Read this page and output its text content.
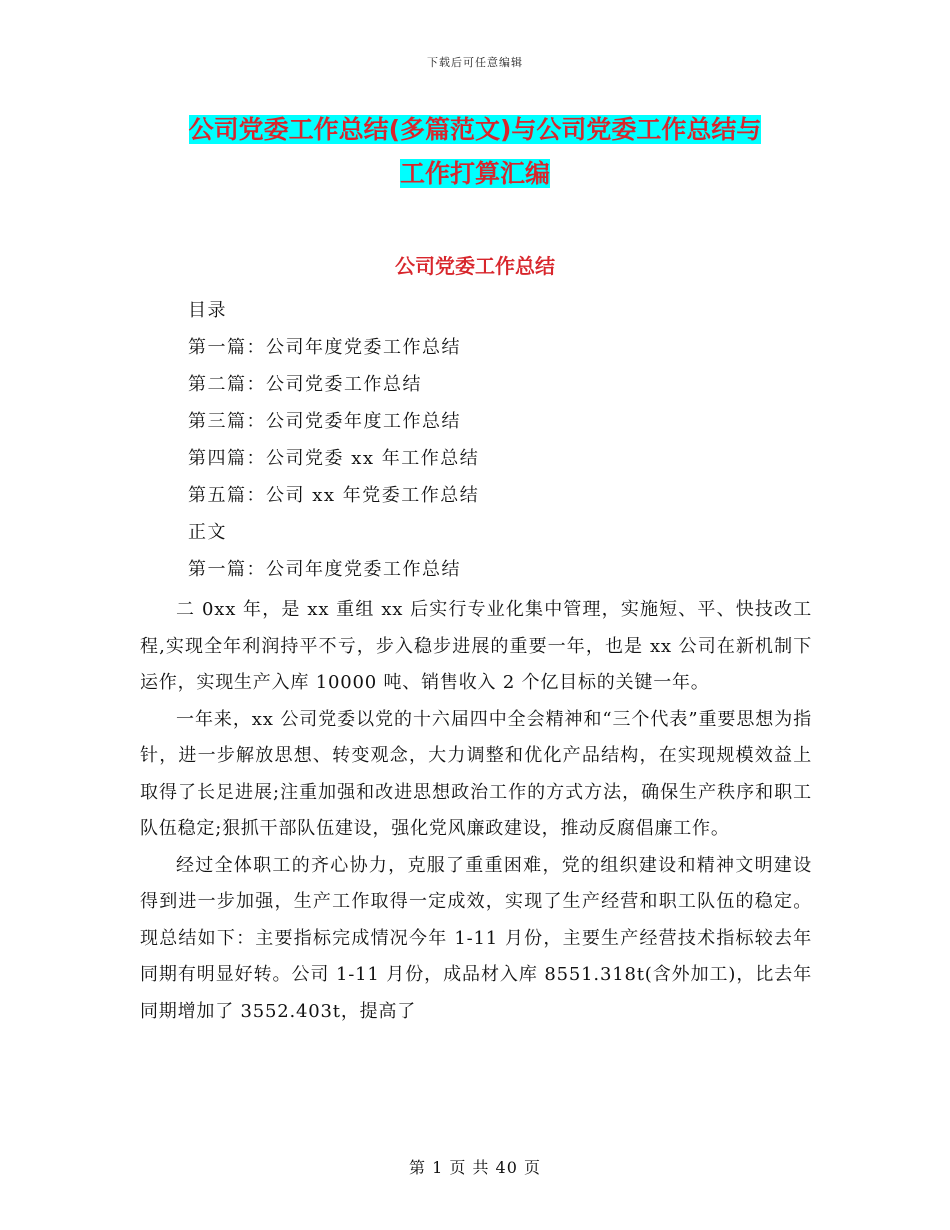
下载后可任意编辑
公司党委工作总结(多篇范文)与公司党委工作总结与
工作打算汇编
公司党委工作总结
目录
第一篇：公司年度党委工作总结
第二篇：公司党委工作总结
第三篇：公司党委年度工作总结
第四篇：公司党委 xx 年工作总结
第五篇：公司 xx 年党委工作总结
正文
第一篇：公司年度党委工作总结

二 0xx 年，是 xx 重组 xx 后实行专业化集中管理，实施短、平、快技改工程,实现全年利润持平不亏，步入稳步进展的重要一年，也是 xx 公司在新机制下运作，实现生产入库 10000 吨、销售收入 2 个亿目标的关键一年。

一年来，xx 公司党委以党的十六届四中全会精神和“三个代表”重要思想为指针，进一步解放思想、转变观念，大力调整和优化产品结构，在实现规模效益上取得了长足进展;注重加强和改进思想政治工作的方式方法，确保生产秩序和职工队伍稳定;狠抓干部队伍建设，强化党风廉政建设，推动反腐倡廉工作。

经过全体职工的齐心协力，克服了重重困难，党的组织建设和精神文明建设得到进一步加强，生产工作取得一定成效，实现了生产经营和职工队伍的稳定。现总结如下：主要指标完成情况今年 1-11 月份，主要生产经营技术指标较去年同期有明显好转。公司 1-11 月份，成品材入库 8551.318t(含外加工)，比去年同期增加了 3552.403t，提高了

第 1 页 共 40 页
